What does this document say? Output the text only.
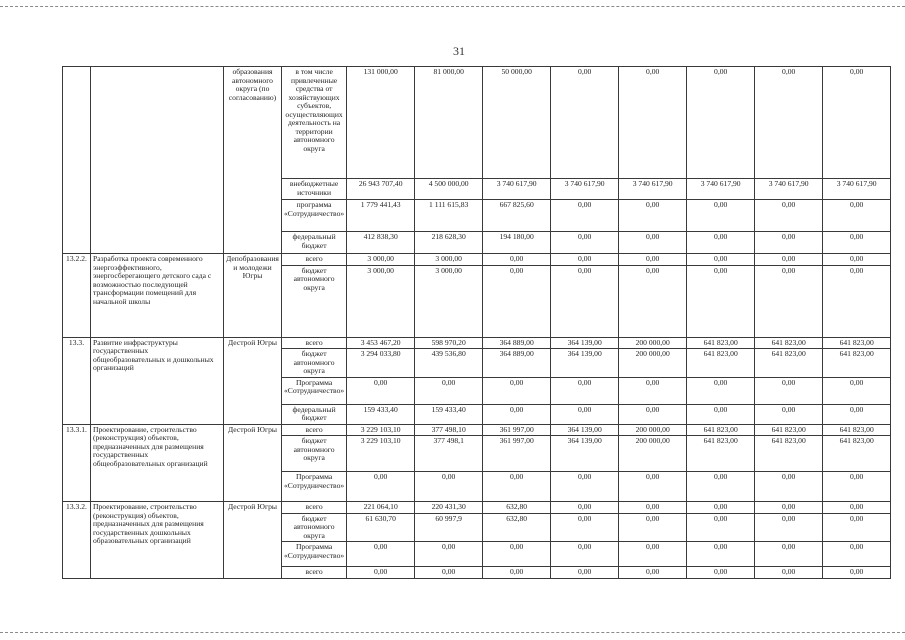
31
		образования автономного округа (по согласованию)	в том числе привлеченные средства от хозяйствующих субъектов, осуществляющих деятельность на территории автономного округа	131 000,00	81 000,00	50 000,00	0,00	0,00	0,00	0,00	0,00
			внебюджетные источники	26 943 707,40	4 500 000,00	3 740 617,90	3 740 617,90	3 740 617,90	3 740 617,90	3 740 617,90	3 740 617,90
			программа «Сотрудничество»	1 779 441,43	1 111 615,83	667 825,60	0,00	0,00	0,00	0,00	0,00
			федеральный бюджет	412 838,30	218 628,30	194 180,00	0,00	0,00	0,00	0,00	0,00
13.2.2.	Разработка проекта современного энергоэффективного, энергосберегающего детского сада с возможностью последующей трансформации помещений для начальной школы	Депобразования и молодежи Югры	всего	3 000,00	3 000,00	0,00	0,00	0,00	0,00	0,00	0,00
			бюджет автономного округа	3 000,00	3 000,00	0,00	0,00	0,00	0,00	0,00	0,00
13.3.	Развитие инфраструктуры государственных общеобразовательных и дошкольных организаций	Дестрой Югры	всего	3 453 467,20	598 970,20	364 889,00	364 139,00	200 000,00	641 823,00	641 823,00	641 823,00
			бюджет автономного округа	3 294 033,80	439 536,80	364 889,00	364 139,00	200 000,00	641 823,00	641 823,00	641 823,00
			Программа «Сотрудничество»	0,00	0,00	0,00	0,00	0,00	0,00	0,00	0,00
			федеральный бюджет	159 433,40	159 433,40	0,00	0,00	0,00	0,00	0,00	0,00
13.3.1.	Проектирование, строительство (реконструкция) объектов, предназначенных для размещения государственных общеобразовательных организаций	Дестрой Югры	всего	3 229 103,10	377 498,10	361 997,00	364 139,00	200 000,00	641 823,00	641 823,00	641 823,00
			бюджет автономного округа	3 229 103,10	377 498,1	361 997,00	364 139,00	200 000,00	641 823,00	641 823,00	641 823,00
			Программа «Сотрудничество»	0,00	0,00	0,00	0,00	0,00	0,00	0,00	0,00
13.3.2.	Проектирование, строительство (реконструкция) объектов, предназначенных для размещения государственных дошкольных образовательных организаций	Дестрой Югры	всего	221 064,10	220 431,30	632,80	0,00	0,00	0,00	0,00	0,00
			бюджет автономного округа	61 630,70	60 997,9	632,80	0,00	0,00	0,00	0,00	0,00
			Программа «Сотрудничество»	0,00	0,00	0,00	0,00	0,00	0,00	0,00	0,00
			всего	0,00	0,00	0,00	0,00	0,00	0,00	0,00	0,00
